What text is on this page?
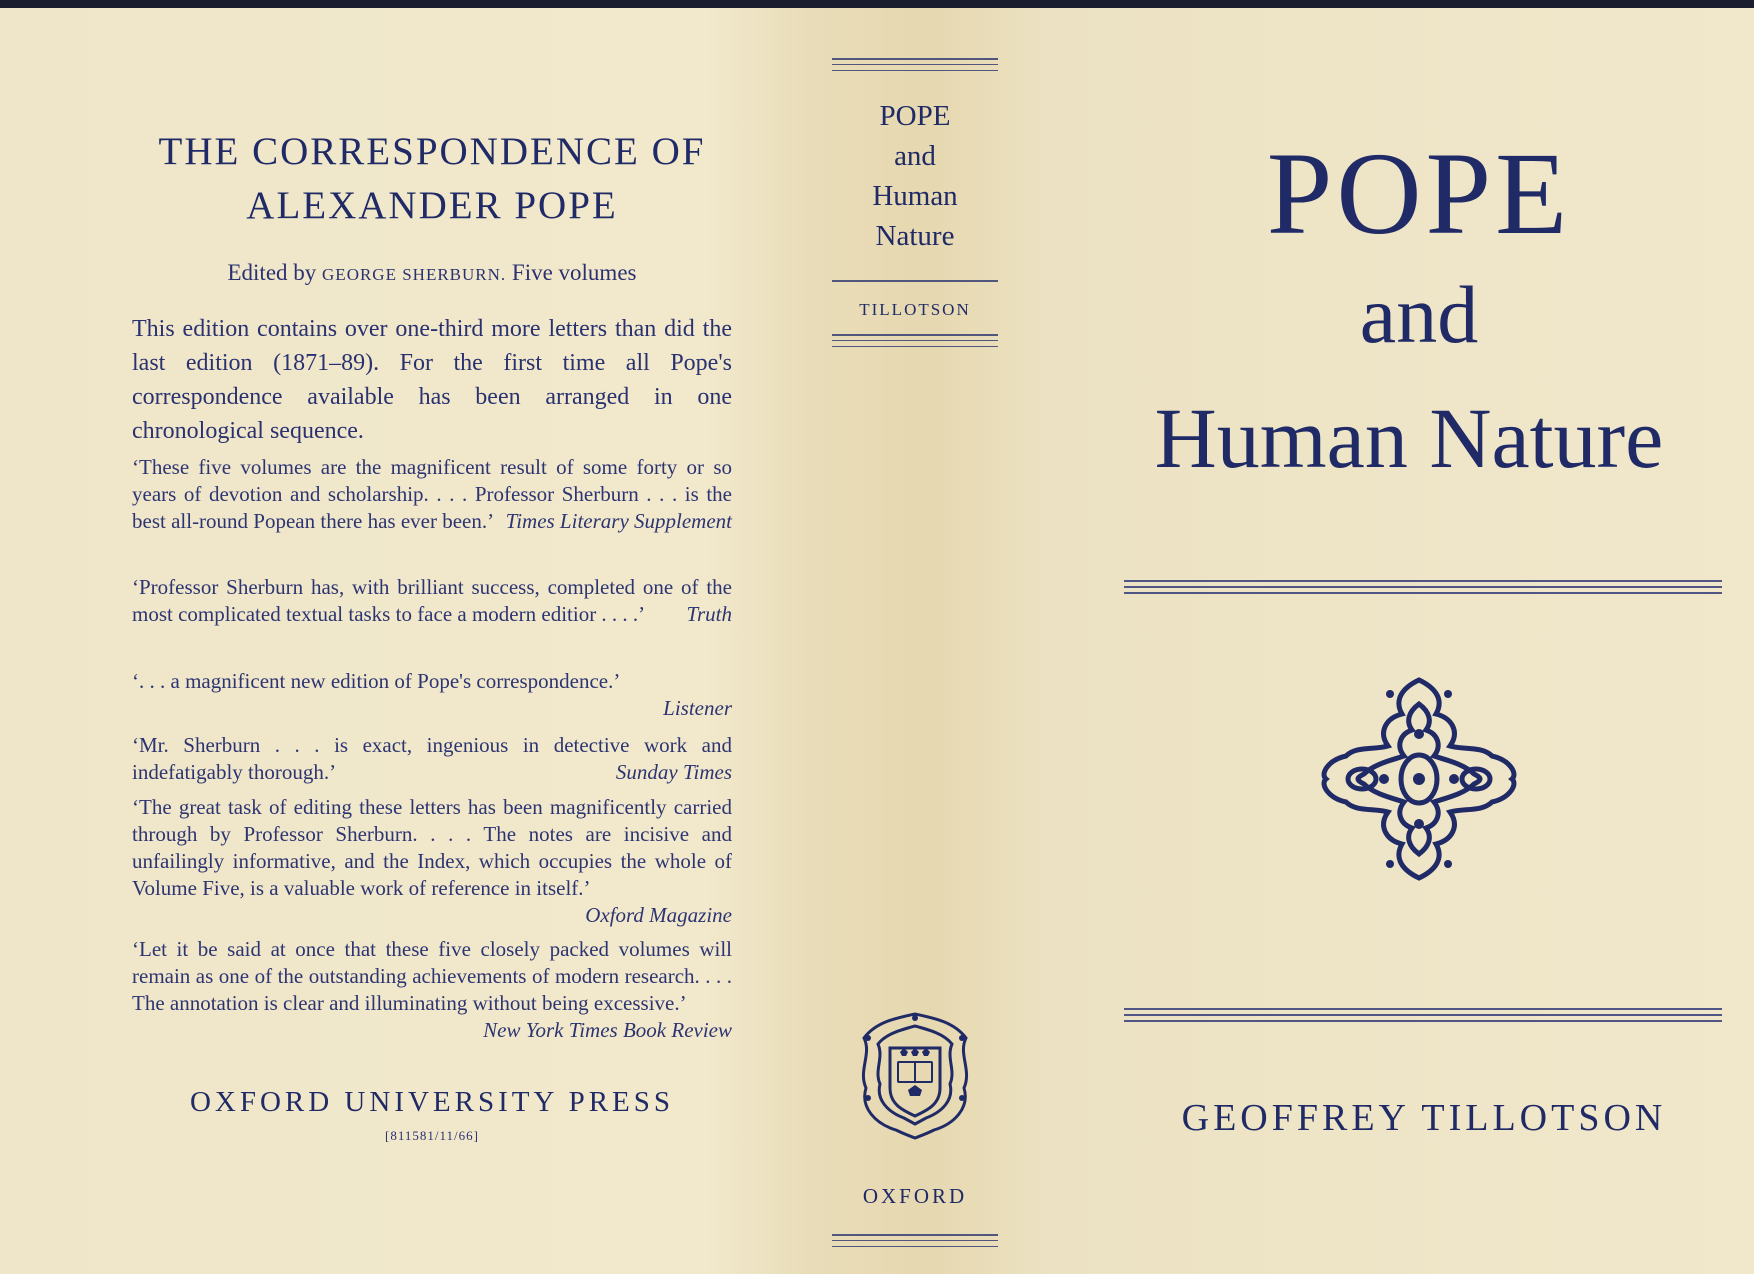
THE CORRESPONDENCE OF
ALEXANDER POPE
Edited by GEORGE SHERBURN. Five volumes
This edition contains over one-third more letters than did the last edition (1871–89). For the first time all Pope's correspondence available has been arranged in one chronological sequence.
‘These five volumes are the magnificent result of some forty or so years of devotion and scholarship. . . . Professor Sherburn . . . is the best all-round Popean there has ever been.’ Times Literary Supplement
‘Professor Sherburn has, with brilliant success, completed one of the most complicated textual tasks to face a modern editior . . . .’ Truth
‘. . . a magnificent new edition of Pope's correspondence.’

Listener
‘Mr. Sherburn . . . is exact, ingenious in detective work and indefatigably thorough.’	Sunday Times
‘The great task of editing these letters has been magnificently carried through by Professor Sherburn. . . . The notes are incisive and unfailingly informative, and the Index, which occupies the whole of Volume Five, is a valuable work of reference in itself.’
Oxford Magazine
‘Let it be said at once that these five closely packed volumes will remain as one of the outstanding achievements of modern research. . . . The annotation is clear and illuminating without being excessive.’
New York Times Book Review
OXFORD UNIVERSITY PRESS
[811581/11/66]
POPE
and
Human
Nature
TILLOTSON
OXFORD
POPE
and
Human Nature
GEOFFREY TILLOTSON
